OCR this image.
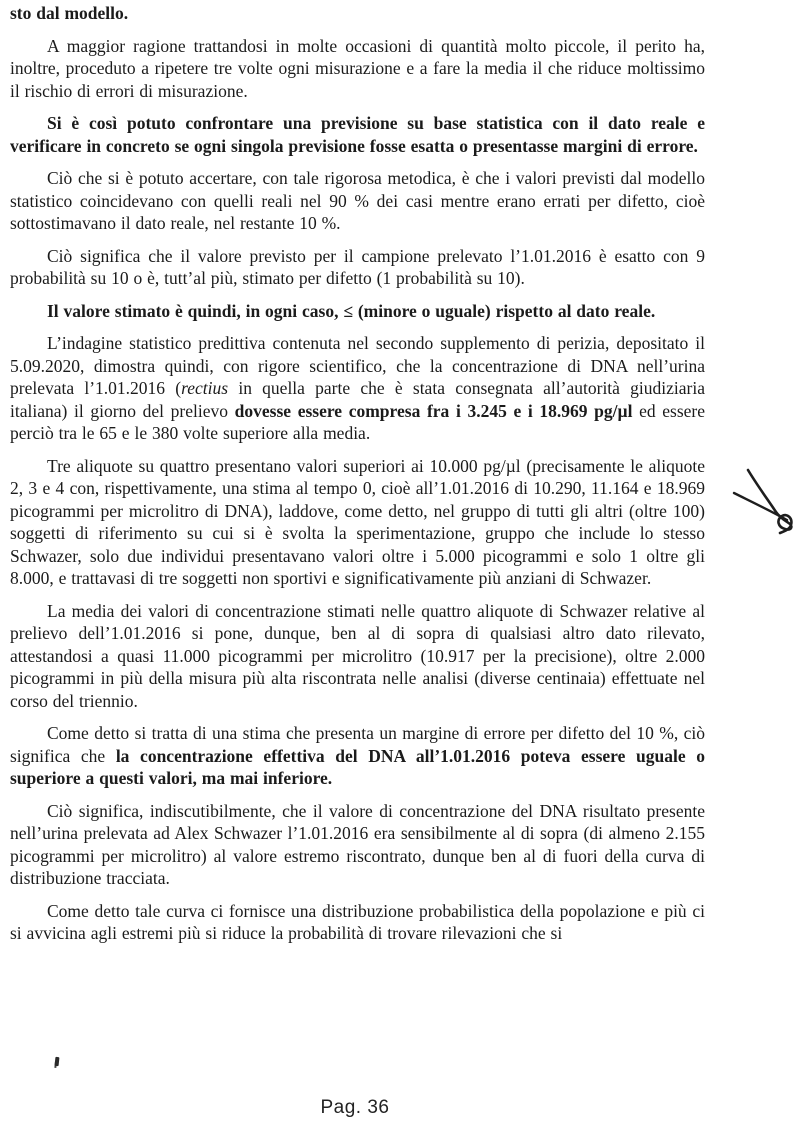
sto dal modello.

A maggior ragione trattandosi in molte occasioni di quantità molto piccole, il perito ha, inoltre, proceduto a ripetere tre volte ogni misurazione e a fare la media il che riduce moltissimo il rischio di errori di misurazione.

Si è così potuto confrontare una previsione su base statistica con il dato reale e verificare in concreto se ogni singola previsione fosse esatta o presentasse margini di errore.

Ciò che si è potuto accertare, con tale rigorosa metodica, è che i valori previsti dal modello statistico coincidevano con quelli reali nel 90 % dei casi mentre erano errati per difetto, cioè sottostimavano il dato reale, nel restante 10 %.

Ciò significa che il valore previsto per il campione prelevato l’1.01.2016 è esatto con 9 probabilità su 10 o è, tutt’al più, stimato per difetto (1 probabilità su 10).

Il valore stimato è quindi, in ogni caso, ≤ (minore o uguale) rispetto al dato reale.

L’indagine statistico predittiva contenuta nel secondo supplemento di perizia, depositato il 5.09.2020, dimostra quindi, con rigore scientifico, che la concentrazione di DNA nell’urina prelevata l’1.01.2016 (rectius in quella parte che è stata consegnata all’autorità giudiziaria italiana) il giorno del prelievo dovesse essere compresa fra i 3.245 e i 18.969 pg/µl ed essere perciò tra le 65 e le 380 volte superiore alla media.

Tre aliquote su quattro presentano valori superiori ai 10.000 pg/µl (precisamente le aliquote 2, 3 e 4 con, rispettivamente, una stima al tempo 0, cioè all’1.01.2016 di 10.290, 11.164 e 18.969 picogrammi per microlitro di DNA), laddove, come detto, nel gruppo di tutti gli altri (oltre 100) soggetti di riferimento su cui si è svolta la sperimentazione, gruppo che include lo stesso Schwazer, solo due individui presentavano valori oltre i 5.000 picogrammi e solo 1 oltre gli 8.000, e trattavasi di tre soggetti non sportivi e significativamente più anziani di Schwazer.

La media dei valori di concentrazione stimati nelle quattro aliquote di Schwazer relative al prelievo dell’1.01.2016 si pone, dunque, ben al di sopra di qualsiasi altro dato rilevato, attestandosi a quasi 11.000 picogrammi per microlitro (10.917 per la precisione), oltre 2.000 picogrammi in più della misura più alta riscontrata nelle analisi (diverse centinaia) effettuate nel corso del triennio.

Come detto si tratta di una stima che presenta un margine di errore per difetto del 10 %, ciò significa che la concentrazione effettiva del DNA all’1.01.2016 poteva essere uguale o superiore a questi valori, ma mai inferiore.

Ciò significa, indiscutibilmente, che il valore di concentrazione del DNA risultato presente nell’urina prelevata ad Alex Schwazer l’1.01.2016 era sensibilmente al di sopra (di almeno 2.155 picogrammi per microlitro) al valore estremo riscontrato, dunque ben al di fuori della curva di distribuzione tracciata.

Come detto tale curva ci fornisce una distribuzione probabilistica della popolazione e più ci si avvicina agli estremi più si riduce la probabilità di trovare rilevazioni che si

Pag. 36
